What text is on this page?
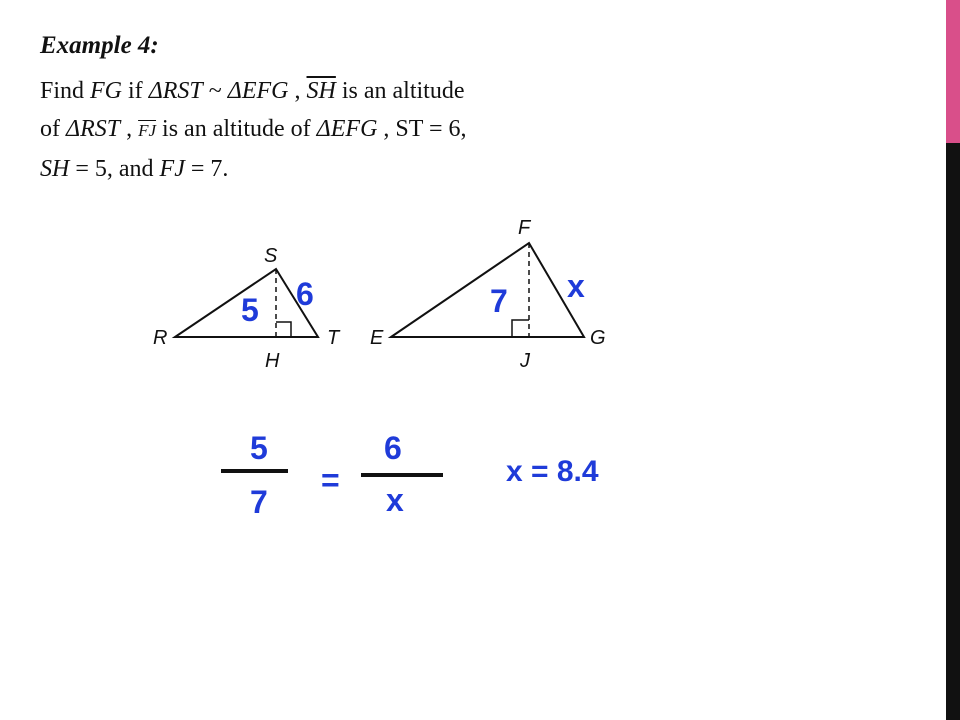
Example 4:
Find FG if ΔRST ~ ΔEFG , $\overline{SH}$ is an altitude
of ΔRST , $\overline{FJ}$ is an altitude of ΔEFG , ST = 6,
SH = 5, and FJ = 7.
S
R	T
H
F
E	G
J
5 6	7 x
5
7
=
6
x
x = 8.4
